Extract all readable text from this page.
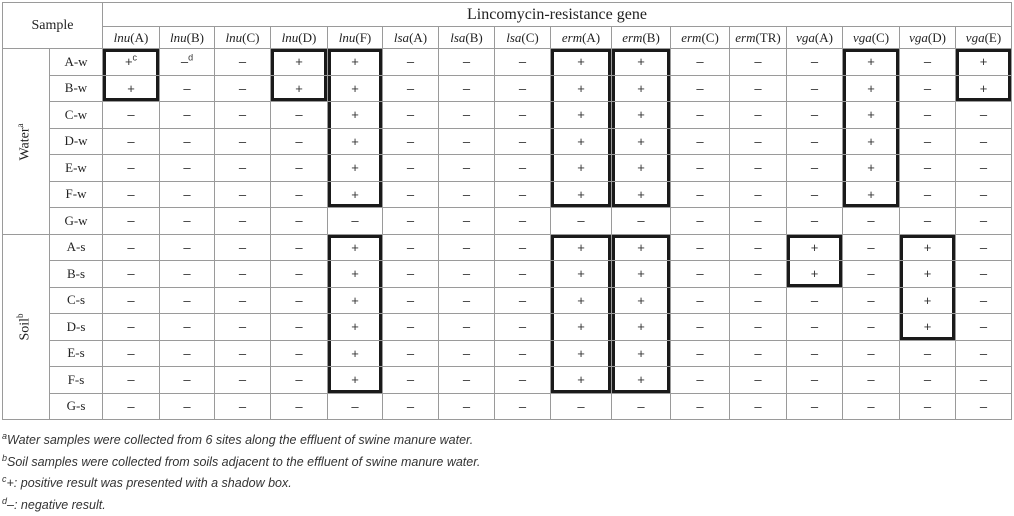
Sample		Lincomycin-resistance gene															
		lnu(A)	lnu(B)	lnu(C)	lnu(D)	lnu(F)	lsa(A)	lsa(B)	lsa(C)	erm(A)	erm(B)	erm(C)	erm(TR)	vga(A)	vga(C)	vga(D)	vga(E)
Water$^a$	A-w	+$^c$	–$^d$	–	+	+	–	–	–	+	+	–	–	–	+	–	+
	B-w	+	–	–	+	+	–	–	–	+	+	–	–	–	+	–	+
	C-w	–	–	–	–	+	–	–	–	+	+	–	–	–	+	–	–
	D-w	–	–	–	–	+	–	–	–	+	+	–	–	–	+	–	–
	E-w	–	–	–	–	+	–	–	–	+	+	–	–	–	+	–	–
	F-w	–	–	–	–	+	–	–	–	+	+	–	–	–	+	–	–
	G-w	–	–	–	–	–	–	–	–	–	–	–	–	–	–	–	–
Soil$^b$	A-s	–	–	–	–	+	–	–	–	+	+	–	–	+	–	+	–
	B-s	–	–	–	–	+	–	–	–	+	+	–	–	+	–	+	–
	C-s	–	–	–	–	+	–	–	–	+	+	–	–	–	–	+	–
	D-s	–	–	–	–	+	–	–	–	+	+	–	–	–	–	+	–
	E-s	–	–	–	–	+	–	–	–	+	+	–	–	–	–	–	–
	F-s	–	–	–	–	+	–	–	–	+	+	–	–	–	–	–	–
	G-s	–	–	–	–	–	–	–	–	–	–	–	–	–	–	–	–
$^a$Water samples were collected from 6 sites along the effluent of swine manure water.
$^b$Soil samples were collected from soils adjacent to the effluent of swine manure water.
$^c$+: positive result was presented with a shadow box.
$^d$–: negative result.
